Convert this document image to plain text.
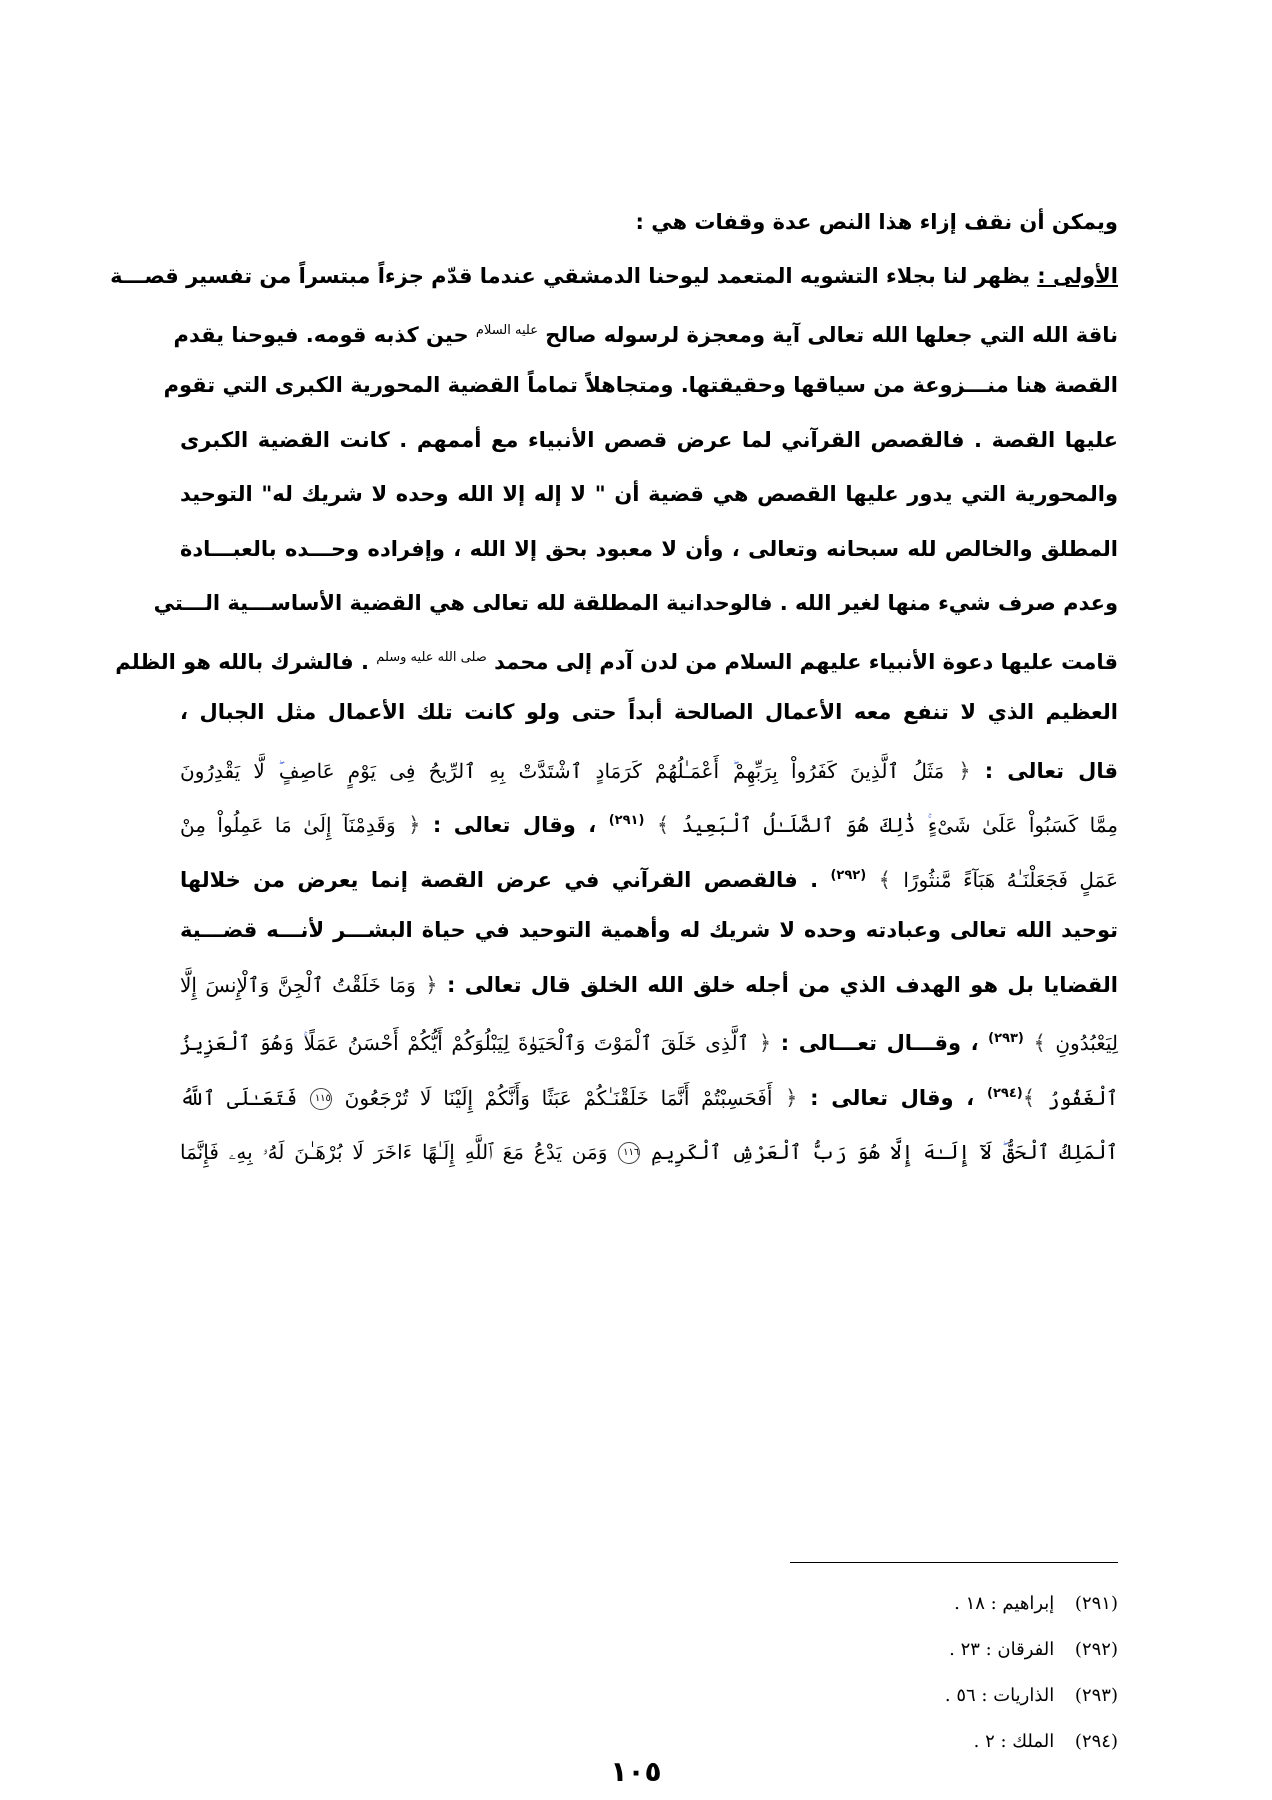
ويمكن أن نقف إزاء هذا النص عدة وقفات هي :
الأولى : يظهر لنا بجلاء التشويه المتعمد ليوحنا الدمشقي عندما قدّم جزءاً مبتسراً من تفسير قصـــة
ناقة الله التي جعلها الله تعالى آية ومعجزة لرسوله صالح $^{عليه السلام}$ حين كذبه قومه. فيوحنا يقدم
القصة هنا منـــزوعة من سياقها وحقيقتها. ومتجاهلاً تماماً القضية المحورية الكبرى التي تقوم
عليها القصة . فالقصص القرآني لما عرض قصص الأنبياء مع أممهم . كانت القضية الكبرى
والمحورية التي يدور عليها القصص هي قضية أن " لا إله إلا الله وحده لا شريك له" التوحيد
المطلق والخالص لله سبحانه وتعالى ، وأن لا معبود بحق إلا الله ، وإفراده وحـــده بالعبـــادة
وعدم صرف شيء منها لغير الله . فالوحدانية المطلقة لله تعالى هي القضية الأساســـية الـــتي
قامت عليها دعوة الأنبياء عليهم السلام من لدن آدم إلى محمد $^{صلى الله عليه وسلم}$ . فالشرك بالله هو الظلم
العظيم الذي لا تنفع معه الأعمال الصالحة أبداً حتى ولو كانت تلك الأعمال مثل الجبال ،
قال تعالى : ﴿ مَثَلُ ٱلَّذِينَ كَفَرُواْ بِرَبِّهِمْ أَعْمَـٰلُهُمْ كَرَمَادٍ ٱشْتَدَّتْ بِهِ ٱلرِّيحُ فِى يَوْمٍ عَاصِفٍ لَّا يَقْدِرُونَ
مِمَّا كَسَبُواْ عَلَىٰ شَىْءٍ ذَٰلِكَ هُوَ ٱلضَّلَـٰلُ ٱلْبَعِيدُ ﴾ $^{(٢٩١)}$ ، وقال تعالى : ﴿ وَقَدِمْنَآ إِلَىٰ مَا عَمِلُواْ مِنْ
عَمَلٍ فَجَعَلْنَـٰهُ هَبَآءً مَّنثُورًا ﴾ $^{(٢٩٢)}$ . فالقصص القرآني في عرض القصة إنما يعرض من خلالها
توحيد الله تعالى وعبادته وحده لا شريك له وأهمية التوحيد في حياة البشـــر لأنـــه قضـــية
القضايا بل هو الهدف الذي من أجله خلق الله الخلق قال تعالى : ﴿ وَمَا خَلَقْتُ ٱلْجِنَّ وَٱلْإِنسَ إِلَّا
لِيَعْبُدُونِ ﴾ $^{(٢٩٣)}$ ، وقـــال تعـــالى : ﴿ ٱلَّذِى خَلَقَ ٱلْمَوْتَ وَٱلْحَيَوٰةَ لِيَبْلُوَكُمْ أَيُّكُمْ أَحْسَنُ عَمَلًا وَهُوَ ٱلْعَزِيزُ
ٱلْغَفُورُ ﴾$^{(٢٩٤)}$ ، وقال تعالى : ﴿ أَفَحَسِبْتُمْ أَنَّمَا خَلَقْنَـٰكُمْ عَبَثًا وَأَنَّكُمْ إِلَيْنَا لَا تُرْجَعُونَ ١١٥ فَتَعَـٰلَى ٱللَّهُ
ٱلْمَلِكُ ٱلْحَقُّ لَآ إِلَـٰهَ إِلَّا هُوَ رَبُّ ٱلْعَرْشِ ٱلْكَرِيمِ ١١٦ وَمَن يَدْعُ مَعَ ٱللَّهِ إِلَـٰهًا ءَاخَرَ لَا بُرْهَـٰنَ لَهُۥ بِهِۦ فَإِنَّمَا
(٢٩١) إبراهيم : ١٨ .
(٢٩٢) الفرقان : ٢٣ .
(٢٩٣) الذاريات : ٥٦ .
(٢٩٤) الملك : ٢ .
١٠٥
